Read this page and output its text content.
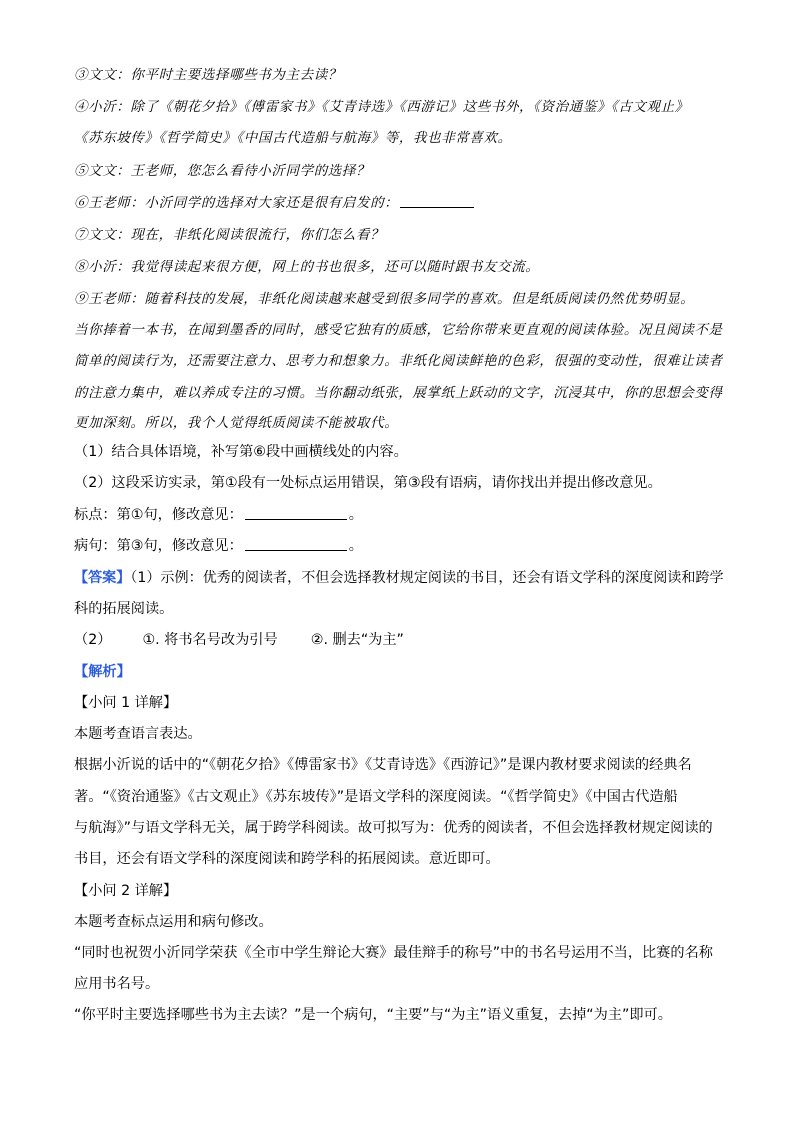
③文文：你平时主要选择哪些书为主去读？
④小沂：除了《朝花夕拾》《傅雷家书》《艾青诗选》《西游记》这些书外，《资治通鉴》《古文观止》
《苏东坡传》《哲学简史》《中国古代造船与航海》等，我也非常喜欢。
⑤文文：王老师，您怎么看待小沂同学的选择？
⑥王老师：小沂同学的选择对大家还是很有启发的：
⑦文文：现在，非纸化阅读很流行，你们怎么看？
⑧小沂：我觉得读起来很方便，网上的书也很多，还可以随时跟书友交流。
⑨王老师：随着科技的发展，非纸化阅读越来越受到很多同学的喜欢。但是纸质阅读仍然优势明显。
当你捧着一本书，在闻到墨香的同时，感受它独有的质感，它给你带来更直观的阅读体验。况且阅读不是
简单的阅读行为，还需要注意力、思考力和想象力。非纸化阅读鲜艳的色彩，很强的变动性，很难让读者
的注意力集中，难以养成专注的习惯。当你翻动纸张，展掌纸上跃动的文字，沉浸其中，你的思想会变得
更加深刻。所以，我个人觉得纸质阅读不能被取代。
（1）结合具体语境，补写第⑥段中画横线处的内容。
（2）这段采访实录，第①段有一处标点运用错误，第③段有语病，请你找出并提出修改意见。
标点：第①句，修改意见：	。
病句：第③句，修改意见：	。
【答案】（1）示例：优秀的阅读者，不但会选择教材规定阅读的书目，还会有语文学科的深度阅读和跨学
科的拓展阅读。
（2） ①. 将书名号改为引号 ②. 删去“为主”
【解析】
【小问 1 详解】
本题考查语言表达。
根据小沂说的话中的“《朝花夕拾》《傅雷家书》《艾青诗选》《西游记》”是课内教材要求阅读的经典名
著。“《资治通鉴》《古文观止》《苏东坡传》”是语文学科的深度阅读。“《哲学简史》《中国古代造船
与航海》”与语文学科无关，属于跨学科阅读。故可拟写为：优秀的阅读者，不但会选择教材规定阅读的
书目，还会有语文学科的深度阅读和跨学科的拓展阅读。意近即可。
【小问 2 详解】
本题考查标点运用和病句修改。
“同时也祝贺小沂同学荣获《全市中学生辩论大赛》最佳辩手的称号”中的书名号运用不当，比赛的名称
应用书名号。
“你平时主要选择哪些书为主去读？”是一个病句，“主要”与“为主”语义重复，去掉“为主”即可。
